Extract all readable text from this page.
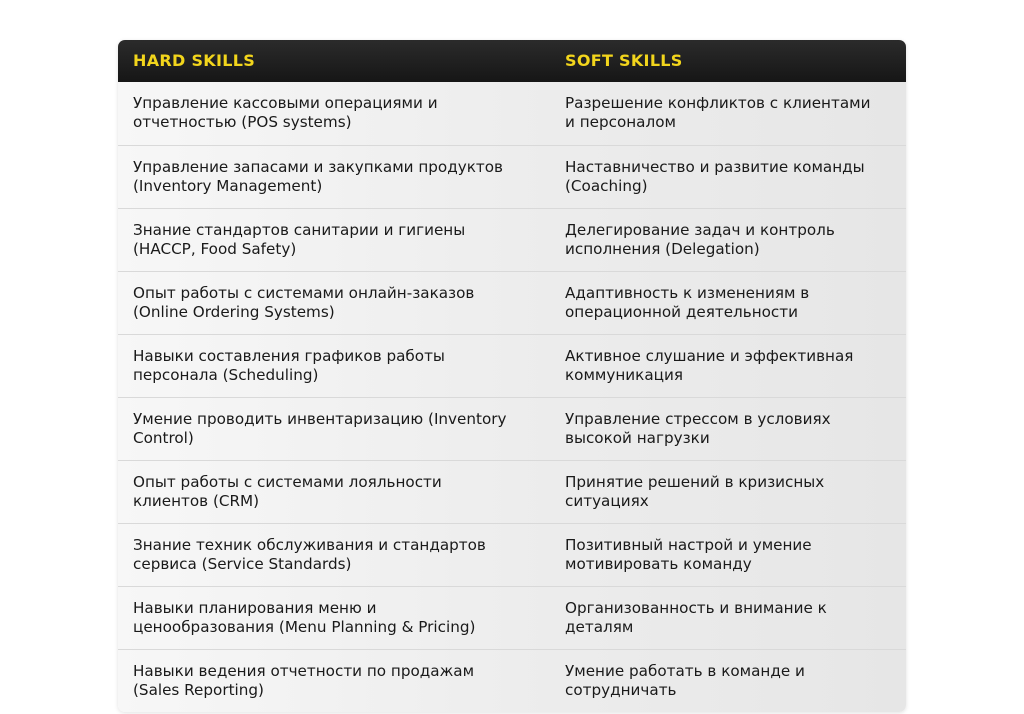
HARD SKILLS	SOFT SKILLS
Управление кассовыми операциями и
отчетностью (POS systems)
Разрешение конфликтов с клиентами
и персоналом
Управление запасами и закупками продуктов
(Inventory Management)
Наставничество и развитие команды
(Coaching)
Знание стандартов санитарии и гигиены
(HACCP, Food Safety)
Делегирование задач и контроль
исполнения (Delegation)
Опыт работы с системами онлайн-заказов
(Online Ordering Systems)
Адаптивность к изменениям в
операционной деятельности
Навыки составления графиков работы
персонала (Scheduling)
Активное слушание и эффективная
коммуникация
Умение проводить инвентаризацию (Inventory
Control)
Управление стрессом в условиях
высокой нагрузки
Опыт работы с системами лояльности
клиентов (CRM)
Принятие решений в кризисных
ситуациях
Знание техник обслуживания и стандартов
сервиса (Service Standards)
Позитивный настрой и умение
мотивировать команду
Навыки планирования меню и
ценообразования (Menu Planning & Pricing)
Организованность и внимание к
деталям
Навыки ведения отчетности по продажам
(Sales Reporting)
Умение работать в команде и
сотрудничать
